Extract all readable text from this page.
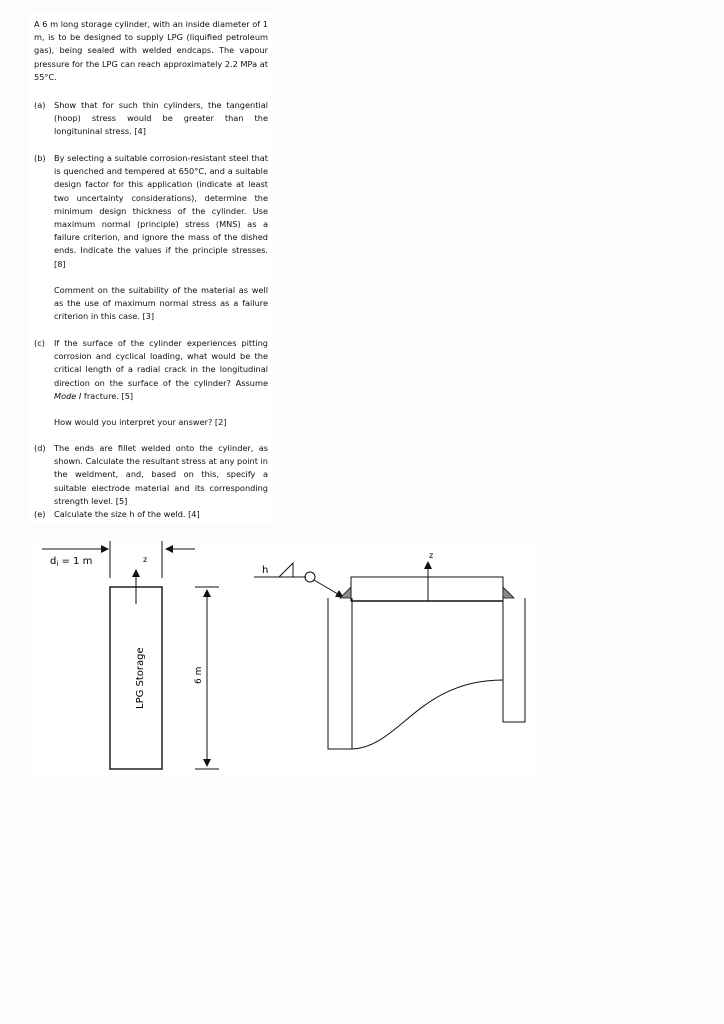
A 6 m long storage cylinder, with an inside diameter of 1 m, is to be designed to supply LPG (liquified petroleum gas), being sealed with welded endcaps. The vapour pressure for the LPG can reach approximately 2.2 MPa at 55°C.

(a) Show that for such thin cylinders, the tangential (hoop) stress would be greater than the longituninal stress. [4]
(b) By selecting a suitable corrosion-resistant steel that is quenched and tempered at 650°C, and a suitable design factor for this application (indicate at least two uncertainty considerations), determine the minimum design thickness of the cylinder. Use maximum normal (principle) stress (MNS) as a failure criterion, and ignore the mass of the dished ends. Indicate the values if the principle stresses. [8]

Comment on the suitability of the material as well as the use of maximum normal stress as a failure criterion in this case. [3]

(c) If the surface of the cylinder experiences pitting corrosion and cyclical loading, what would be the critical length of a radial crack in the longitudinal direction on the surface of the cylinder? Assume Mode I fracture. [5]

How would you interpret your answer? [2]

(d) The ends are fillet welded onto the cylinder, as shown. Calculate the resultant stress at any point in the weldment, and, based on this, specify a suitable electrode material and its corresponding strength level. [5]
(e) Calculate the size h of the weld. [4]
$d_i = 1$ m	z
LPG Storage	6 m
h
z
